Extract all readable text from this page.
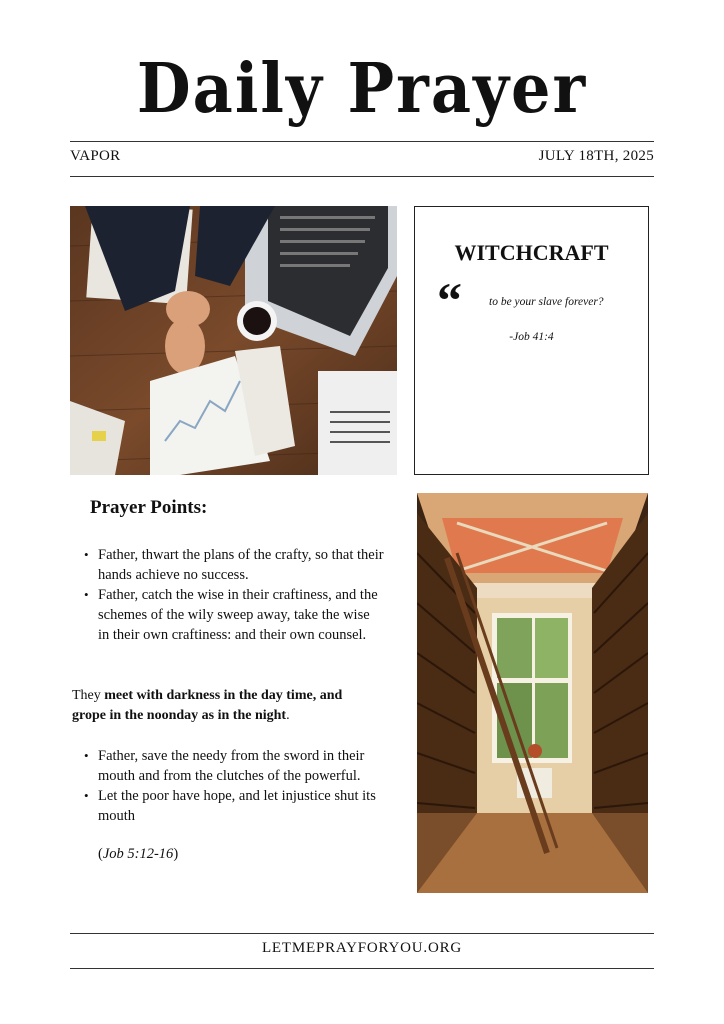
Daily Prayer
VAPOR	JULY 18TH, 2025
WITCHCRAFT
“ to be your slave forever?
-Job 41:4
Prayer Points:
• Father, thwart the plans of the crafty, so that their hands achieve no success.
• Father, catch the wise in their craftiness, and the schemes of the wily sweep away, take the wise in their own craftiness: and their own counsel.
They meet with darkness in the day time, and grope in the noonday as in the night.
• Father, save the needy from the sword in their mouth and from the clutches of the powerful.
• Let the poor have hope, and let injustice shut its mouth
(Job 5:12-16)
LETMEPRAYFORYOU.ORG
